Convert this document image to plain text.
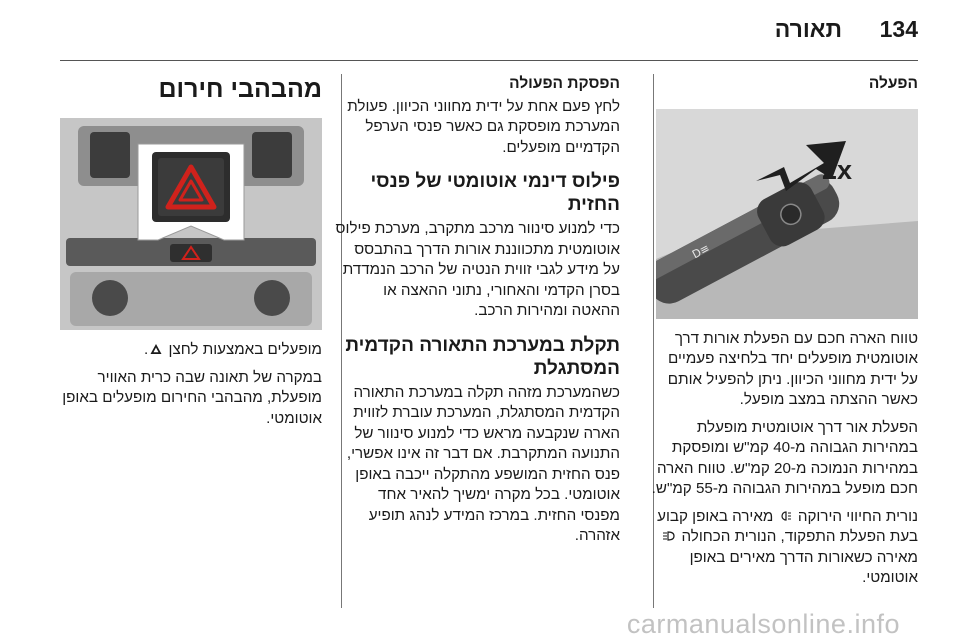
134
תאורה
הפעלה
≡D
2x

טווח הארה חכם עם הפעלת אורות דרך אוטומטית מופעלים יחד בלחיצה פעמיים על ידית מחווני הכיוון. ניתן להפעיל אותם כאשר ההצתה במצב מופעל.

הפעלת אור דרך אוטומטית מופעלת במהירות הגבוהה מ-40 קמ"ש ומופסקת במהירות הנמוכה מ-20 קמ"ש. טווח הארה חכם מופעל במהירות הגבוהה מ-55 קמ"ש.

נורית החיווי הירוקה  מאירה באופן קבוע בעת הפעלת התפקוד, הנורית הכחולה  מאירה כשאורות הדרך מאירים באופן אוטומטי.

הפסקת הפעולה

לחץ פעם אחת על ידית מחווני הכיוון. פעולת המערכת מופסקת גם כאשר פנסי הערפל הקדמיים מופעלים.

פילוס דינמי אוטומטי של פנסי החזית

כדי למנוע סינוור מרכב מתקרב, מערכת פילוס אוטומטית מתכווננת אורות הדרך בהתבסס על מידע לגבי זווית הנטיה של הרכב הנמדדת בסרן הקדמי והאחורי, נתוני ההאצה או ההאטה ומהירות הרכב.

תקלת במערכת התאורה הקדמית המסתגלת

כשהמערכת מזהה תקלה במערכת התאורה הקדמית המסתגלת, המערכת עוברת לזווית הארה שנקבעה מראש כדי למנוע סינוור של התנועה המתקרבת. אם דבר זה אינו אפשרי, פנס החזית המושפע מהתקלה ייכבה באופן אוטומטי. בכל מקרה ימשיך להאיר אחד מפנסי החזית. במרכז המידע לנהג תופיע אזהרה.

מהבהבי חירום

מופעלים באמצעות לחצן .

במקרה של תאונה שבה כרית האוויר מופעלת, מהבהבי החירום מופעלים באופן אוטומטי.

carmanualsonline.info
